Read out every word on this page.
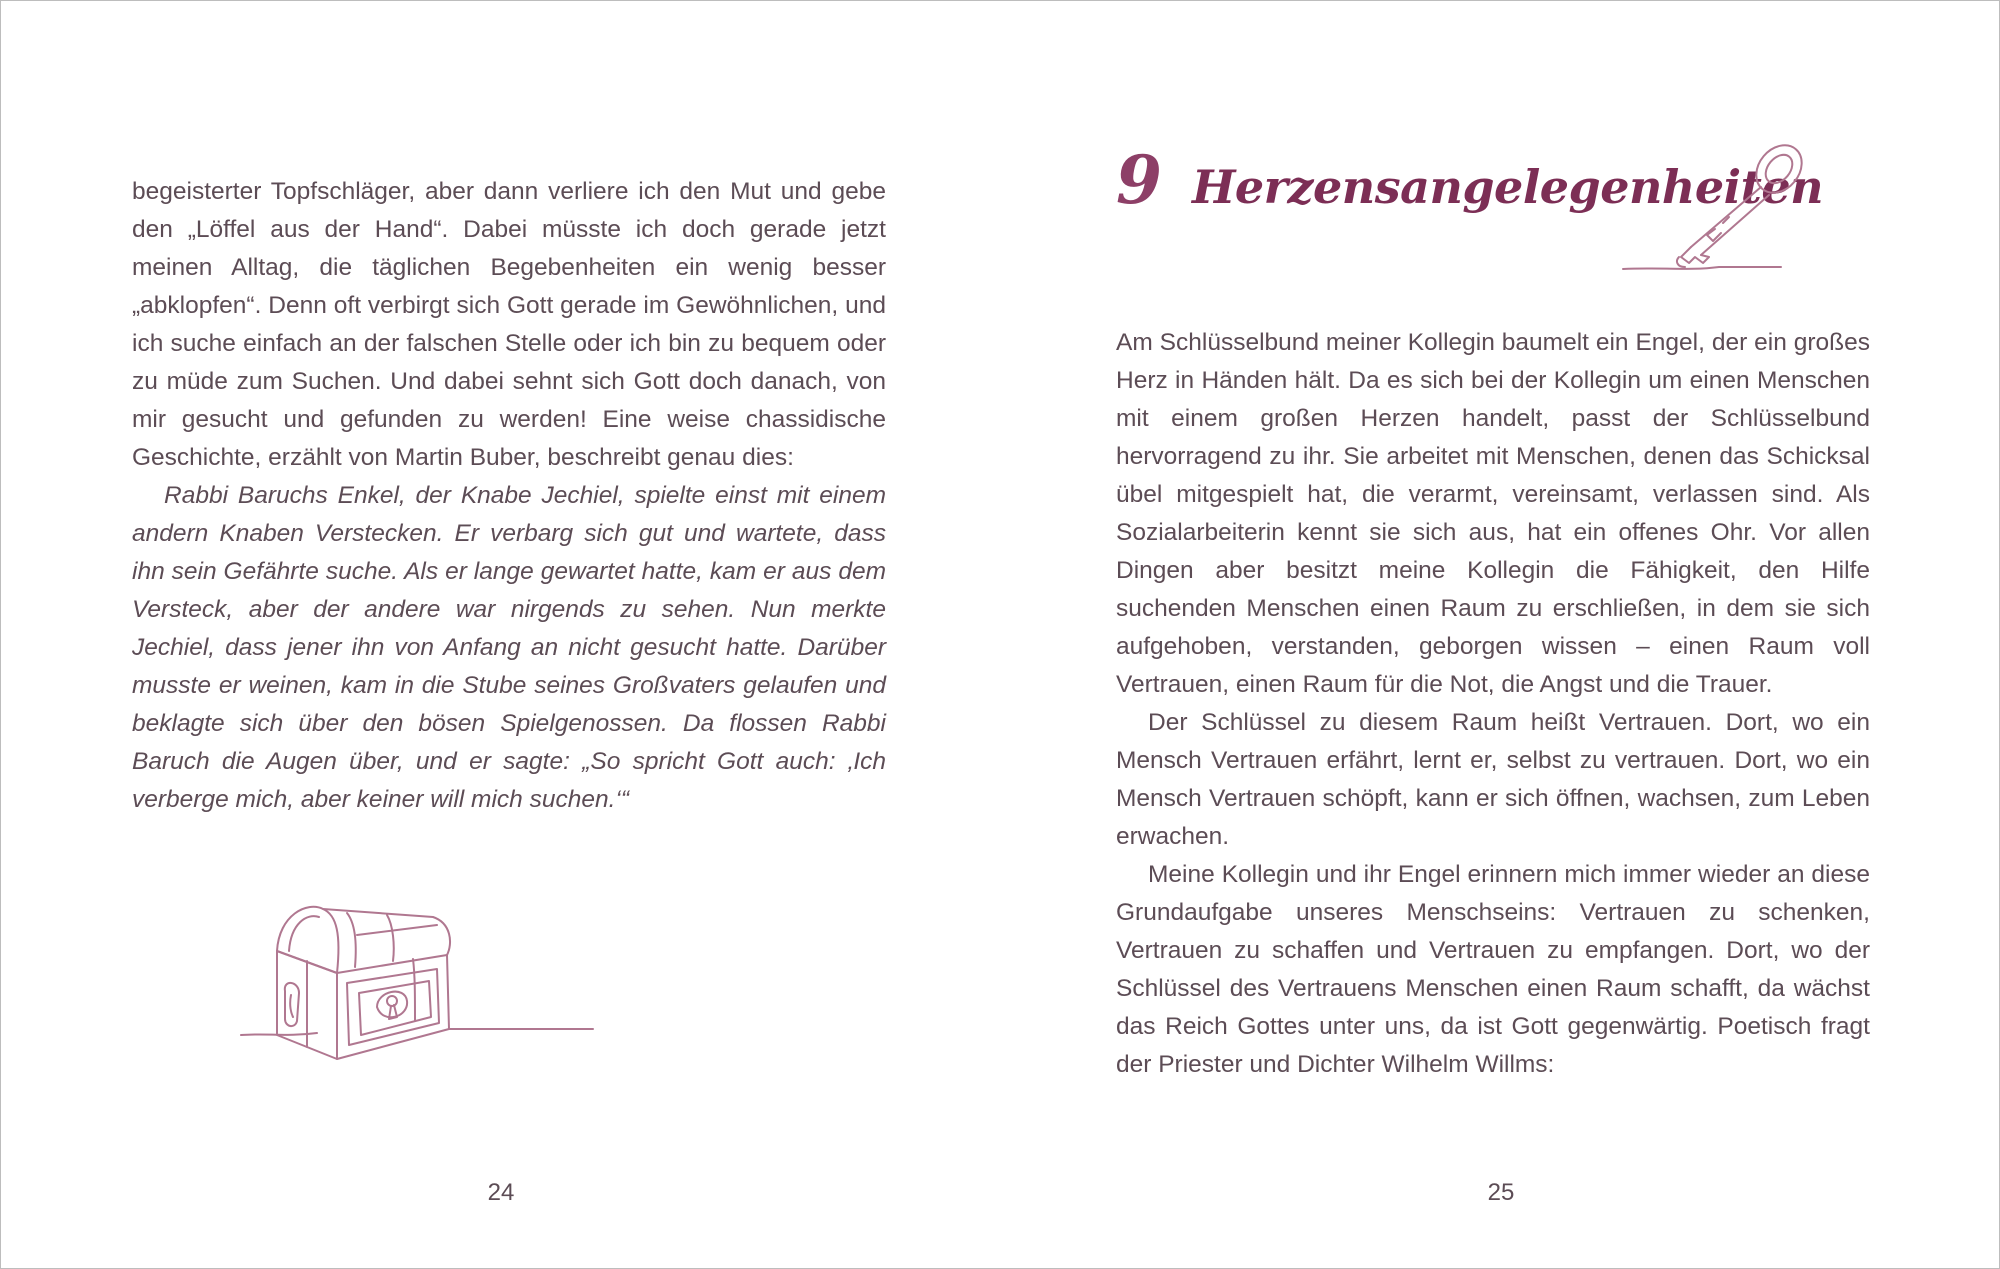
begeisterter Topfschläger, aber dann verliere ich den Mut und gebe den „Löffel aus der Hand“. Dabei müsste ich doch gerade jetzt meinen Alltag, die täglichen Begebenheiten ein wenig besser „abklopfen“. Denn oft verbirgt sich Gott gerade im Gewöhnlichen, und ich suche einfach an der falschen Stelle oder ich bin zu bequem oder zu müde zum Suchen. Und dabei sehnt sich Gott doch danach, von mir gesucht und gefunden zu werden! Eine weise chassidische Geschichte, erzählt von Martin Buber, beschreibt genau dies:

Rabbi Baruchs Enkel, der Knabe Jechiel, spielte einst mit einem andern Knaben Verstecken. Er verbarg sich gut und wartete, dass ihn sein Gefährte suche. Als er lange gewartet hatte, kam er aus dem Versteck, aber der andere war nirgends zu sehen. Nun merkte Jechiel, dass jener ihn von Anfang an nicht gesucht hatte. Darüber musste er weinen, kam in die Stube seines Großvaters gelaufen und beklagte sich über den bösen Spielgenossen. Da flossen Rabbi Baruch die Augen über, und er sagte: „So spricht Gott auch: ‚Ich verberge mich, aber keiner will mich suchen.‘“

24
9 Herzensangelegenheiten

Am Schlüsselbund meiner Kollegin baumelt ein Engel, der ein großes Herz in Händen hält. Da es sich bei der Kollegin um einen Menschen mit einem großen Herzen handelt, passt der Schlüsselbund hervorragend zu ihr. Sie arbeitet mit Menschen, denen das Schicksal übel mitgespielt hat, die verarmt, vereinsamt, verlassen sind. Als Sozialarbeiterin kennt sie sich aus, hat ein offenes Ohr. Vor allen Dingen aber besitzt meine Kollegin die Fähigkeit, den Hilfe suchenden Menschen einen Raum zu erschließen, in dem sie sich aufgehoben, verstanden, geborgen wissen – einen Raum voll Vertrauen, einen Raum für die Not, die Angst und die Trauer.

Der Schlüssel zu diesem Raum heißt Vertrauen. Dort, wo ein Mensch Vertrauen erfährt, lernt er, selbst zu vertrauen. Dort, wo ein Mensch Vertrauen schöpft, kann er sich öffnen, wachsen, zum Leben erwachen.

Meine Kollegin und ihr Engel erinnern mich immer wieder an diese Grundaufgabe unseres Menschseins: Vertrauen zu schenken, Vertrauen zu schaffen und Vertrauen zu empfangen. Dort, wo der Schlüssel des Vertrauens Menschen einen Raum schafft, da wächst das Reich Gottes unter uns, da ist Gott gegenwärtig. Poetisch fragt der Priester und Dichter Wilhelm Willms:

25
